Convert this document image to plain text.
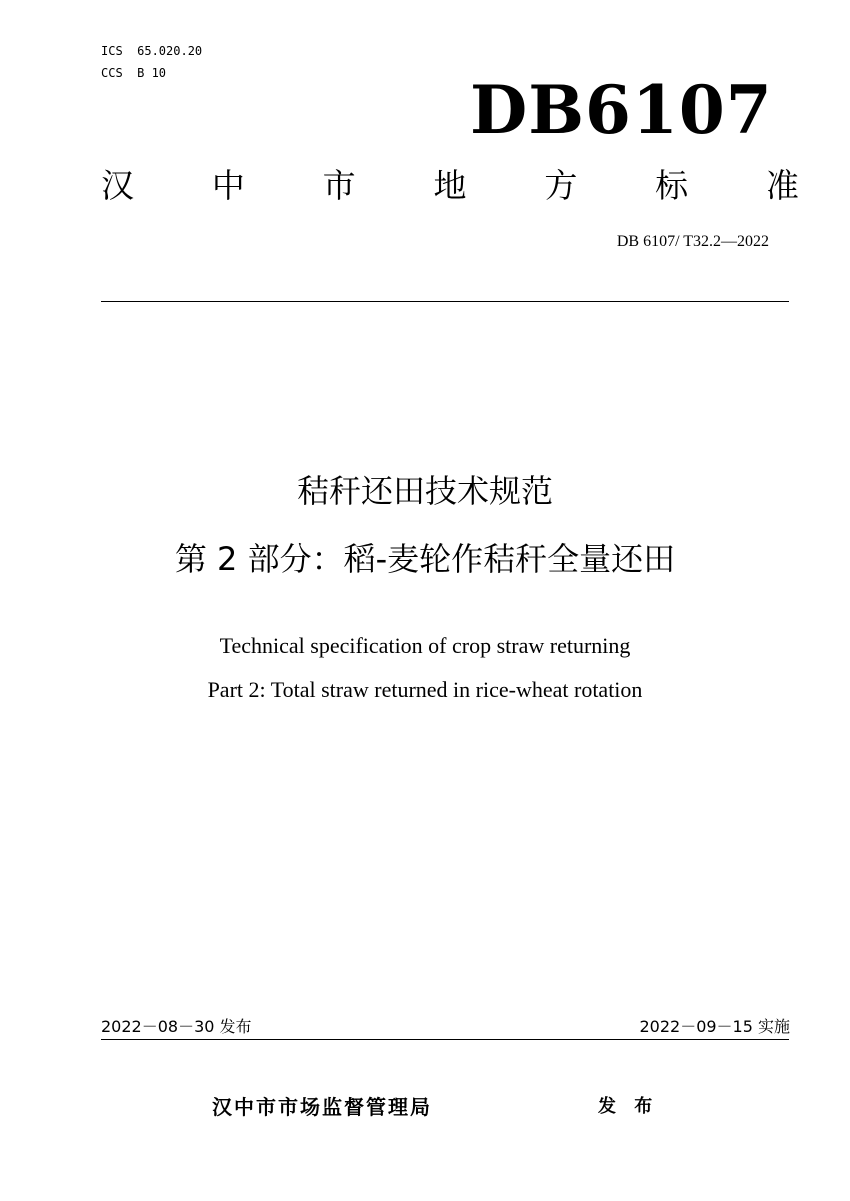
ICS  65.020.20
CCS  B 10	DB6107
汉 中 市 地 方 标 准
DB 6107/ T32.2—2022
秸秆还田技术规范
第 2 部分：稻-麦轮作秸秆全量还田
Technical specification of crop straw returning
Part 2: Total straw returned in rice-wheat rotation
2022－08－30 发布	2022－09－15 实施
汉中市市场监督管理局	发 布
